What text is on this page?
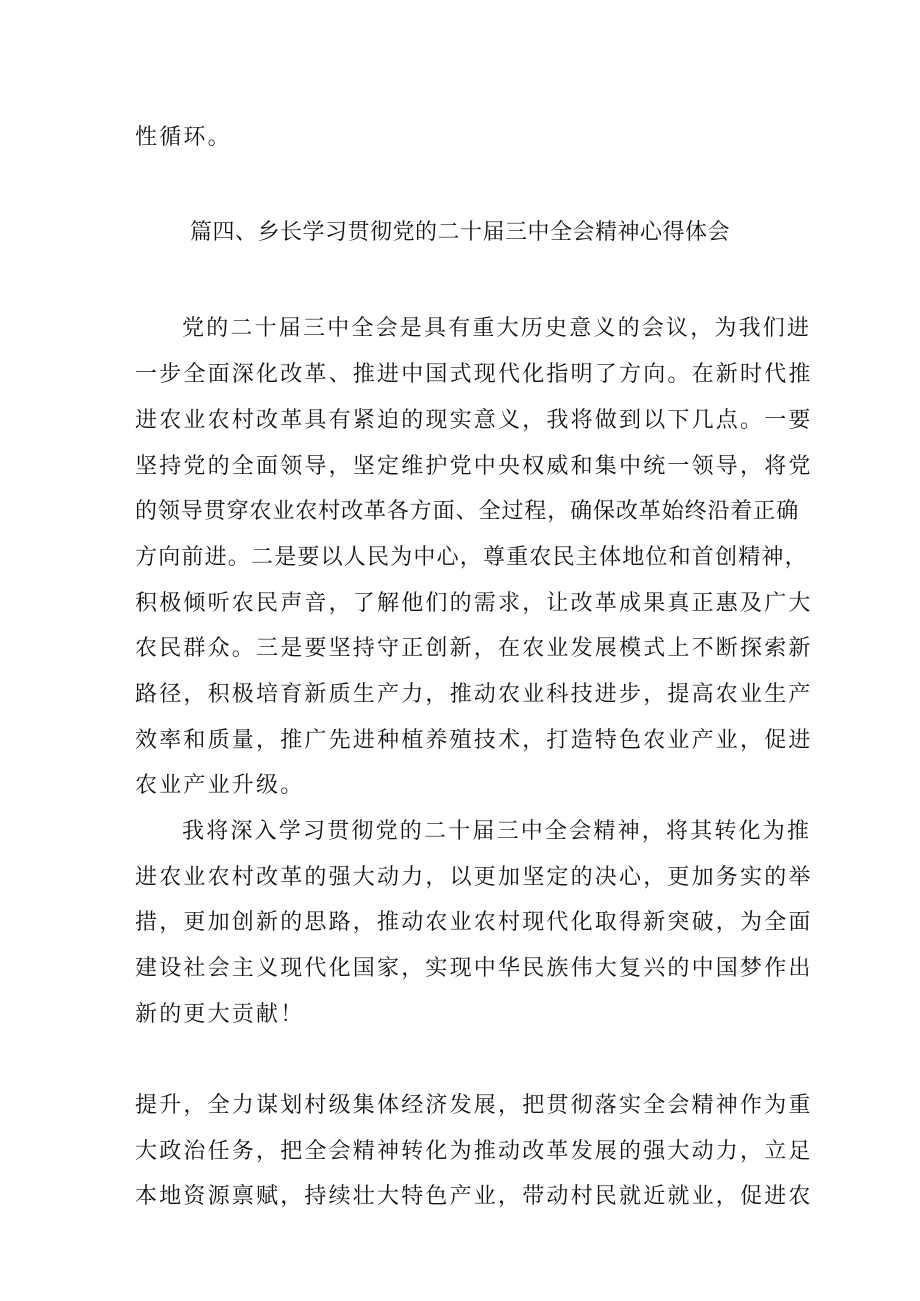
性循环。
篇四、乡长学习贯彻党的二十届三中全会精神心得体会
党的二十届三中全会是具有重大历史意义的会议，为我们进
一步全面深化改革、推进中国式现代化指明了方向。在新时代推
进农业农村改革具有紧迫的现实意义，我将做到以下几点。一要
坚持党的全面领导，坚定维护党中央权威和集中统一领导，将党
的领导贯穿农业农村改革各方面、全过程，确保改革始终沿着正确
方向前进。二是要以人民为中心，尊重农民主体地位和首创精神，
积极倾听农民声音，了解他们的需求，让改革成果真正惠及广大
农民群众。三是要坚持守正创新，在农业发展模式上不断探索新
路径，积极培育新质生产力，推动农业科技进步，提高农业生产
效率和质量，推广先进种植养殖技术，打造特色农业产业，促进
农业产业升级。
我将深入学习贯彻党的二十届三中全会精神，将其转化为推
进农业农村改革的强大动力，以更加坚定的决心，更加务实的举
措，更加创新的思路，推动农业农村现代化取得新突破，为全面
建设社会主义现代化国家，实现中华民族伟大复兴的中国梦作出
新的更大贡献！
提升，全力谋划村级集体经济发展，把贯彻落实全会精神作为重
大政治任务，把全会精神转化为推动改革发展的强大动力，立足
本地资源禀赋，持续壮大特色产业，带动村民就近就业，促进农
